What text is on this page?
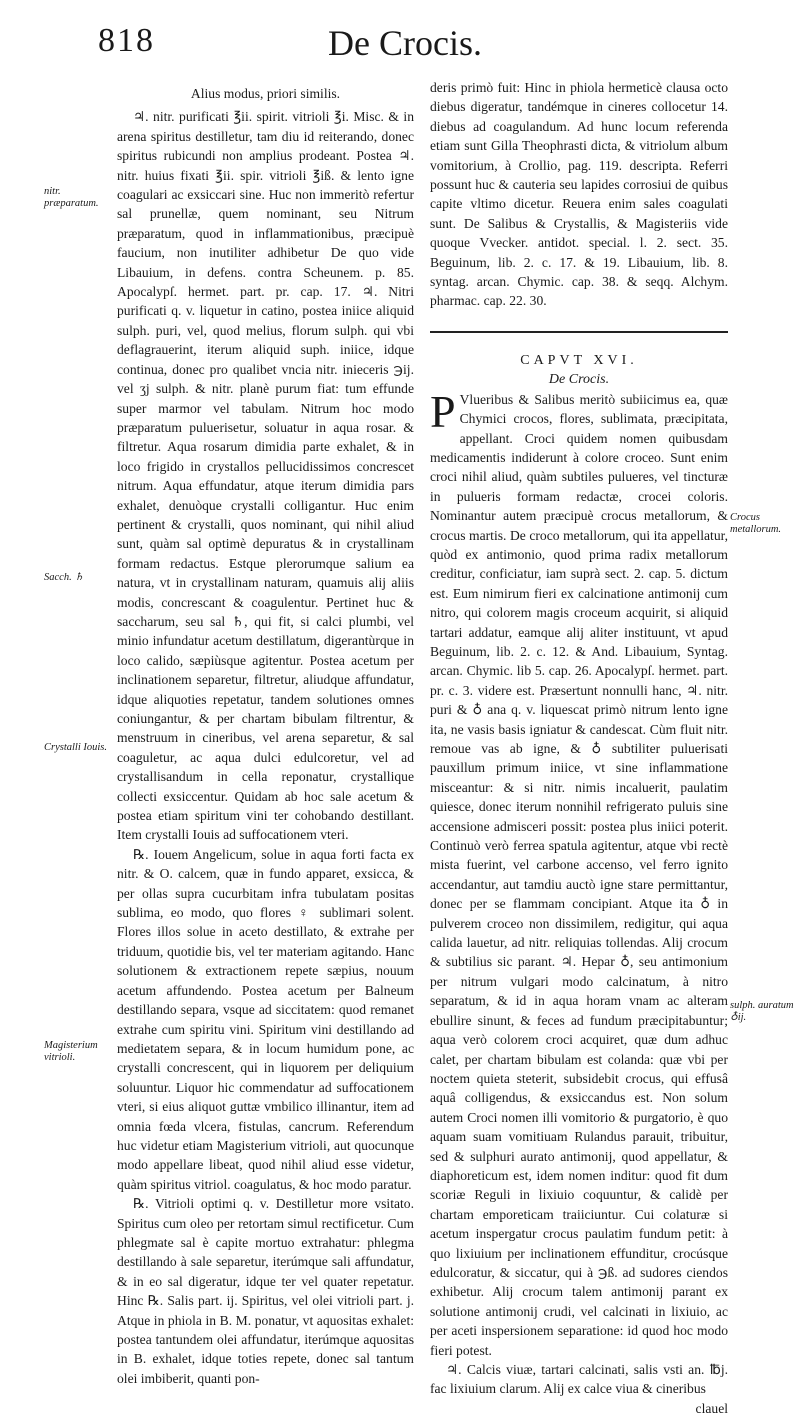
818	De Crocis.
nitr. præparatum.
Sacch. ♄
Crystalli Iouis.
Magisterium vitrioli.
Crocus metallorum.
sulph. auratum ♁ij.

Alius modus, priori similis.

♃. nitr. purificati ℥ii. spirit. vitrioli ℥i. Misc. & in arena spiritus destilletur, tam diu id reiterando, donec spiritus rubicundi non amplius prodeant. Postea ♃. nitr. huius fixati ℥ii. spir. vitrioli ℥iß. & lento igne coagulari ac exsiccari sine. Huc non immeritò refertur sal prunellæ, quem nominant, seu Nitrum præparatum, quod in inflammationibus, præcipuè faucium, non inutiliter adhibetur De quo vide Libauium, in defens. contra Scheunem. p. 85. Apocalypſ. hermet. part. pr. cap. 17. ♃. Nitri purificati q. v. liquetur in catino, postea iniice aliquid sulph. puri, vel, quod melius, florum sulph. qui vbi deflagrauerint, iterum aliquid suph. iniice, idque continua, donec pro qualibet vncia nitr. inieceris ℈ij. vel ʒj sulph. & nitr. planè purum fiat: tum effunde super marmor vel tabulam. Nitrum hoc modo præparatum puluerisetur, soluatur in aqua rosar. & filtretur. Aqua rosarum dimidia parte exhalet, & in loco frigido in crystallos pellucidissimos concrescet nitrum. Aqua effundatur, atque iterum dimidia pars exhalet, denuòque crystalli colligantur. Huc enim pertinent & crystalli, quos nominant, qui nihil aliud sunt, quàm sal optimè depuratus & in crystallinam formam redactus. Estque plerorumque salium ea natura, vt in crystallinam naturam, quamuis alij aliis modis, concrescant & coagulentur. Pertinet huc & saccharum, seu sal ♄, qui fit, si calci plumbi, vel minio infundatur acetum destillatum, digerantùrque in loco calido, sæpiùsque agitentur. Postea acetum per inclinationem separetur, filtretur, aliudque affundatur, idque aliquoties repetatur, tandem solutiones omnes coniungantur, & per chartam bibulam filtrentur, & menstruum in cineribus, vel arena separetur, & sal coaguletur, ac aqua dulci edulcoretur, vel ad crystallisandum in cella reponatur, crystallique collecti exsiccentur. Quidam ab hoc sale acetum & postea etiam spiritum vini ter cohobando destillant. Item crystalli Iouis ad suffocationem vteri.

℞. Iouem Angelicum, solue in aqua forti facta ex nitr. & O. calcem, quæ in fundo apparet, exsicca, & per ollas supra cucurbitam infra tubulatam positas sublima, eo modo, quo flores ♀ sublimari solent. Flores illos solue in aceto destillato, & extrahe per triduum, quotidie bis, vel ter materiam agitando. Hanc solutionem & extractionem repete sæpius, nouum acetum affundendo. Postea acetum per Balneum destillando separa, vsque ad siccitatem: quod remanet extrahe cum spiritu vini. Spiritum vini destillando ad medietatem separa, & in locum humidum pone, ac crystalli concrescent, qui in liquorem per deliquium soluuntur. Liquor hic commendatur ad suffocationem vteri, si eius aliquot guttæ vmbilico illinantur, item ad omnia fœda vlcera, fistulas, cancrum. Referendum huc videtur etiam Magisterium vitrioli, aut quocunque modo appellare libeat, quod nihil aliud esse videtur, quàm spiritus vitriol. coagulatus, & hoc modo paratur.

℞. Vitrioli optimi q. v. Destilletur more vsitato. Spiritus cum oleo per retortam simul rectificetur. Cum phlegmate sal è capite mortuo extrahatur: phlegma destillando à sale separetur, iterúmque sali affundatur, & in eo sal digeratur, idque ter vel quater repetatur. Hinc ℞. Salis part. ij. Spiritus, vel olei vitrioli part. j. Atque in phiola in B. M. ponatur, vt aquositas exhalet: postea tantundem olei affundatur, iterúmque aquositas in B. exhalet, idque toties repete, donec sal tantum olei imbiberit, quanti pon-

deris primò fuit: Hinc in phiola hermeticè clausa octo diebus digeratur, tandémque in cineres collocetur 14. diebus ad coagulandum. Ad hunc locum referenda etiam sunt Gilla Theophrasti dicta, & vitriolum album vomitorium, à Crollio, pag. 119. descripta. Referri possunt huc & cauteria seu lapides corrosiui de quibus capite vltimo dicetur. Reuera enim sales coagulati sunt. De Salibus & Crystallis, & Magisteriis vide quoque Vvecker. antidot. special. l. 2. sect. 35. Beguinum, lib. 2. c. 17. & 19. Libauium, lib. 8. syntag. arcan. Chymic. cap. 38. & seqq. Alchym. pharmac. cap. 22. 30.

CAPVT XVI.

De Crocis.

P Vlueribus & Salibus meritò subiicimus ea, quæ Chymici crocos, flores, sublimata, præcipitata, appellant. Croci quidem nomen quibusdam medicamentis indiderunt à colore croceo. Sunt enim croci nihil aliud, quàm subtiles pulueres, vel tincturæ in pulueris formam redactæ, crocei coloris. Nominantur autem præcipuè crocus metallorum, & crocus martis. De croco metallorum, qui ita appellatur, quòd ex antimonio, quod prima radix metallorum creditur, conficiatur, iam suprà sect. 2. cap. 5. dictum est. Eum nimirum fieri ex calcinatione antimonij cum nitro, qui colorem magis croceum acquirit, si aliquid tartari addatur, eamque alij aliter instituunt, vt apud Beguinum, lib. 2. c. 12. & And. Libauium, Syntag. arcan. Chymic. lib 5. cap. 26. Apocalypſ. hermet. part. pr. c. 3. videre est. Præsertunt nonnulli hanc, ♃. nitr. puri & ♁ ana q. v. liquescat primò nitrum lento igne ita, ne vasis basis igniatur & candescat. Cùm fluit nitr. remoue vas ab igne, & ♁ subtiliter puluerisati pauxillum primum iniice, vt sine inflammatione misceantur: & si nitr. nimis incaluerit, paulatim quiesce, donec iterum nonnihil refrigerato puluis sine accensione admisceri possit: postea plus iniici poterit. Continuò verò ferrea spatula agitentur, atque vbi rectè mista fuerint, vel carbone accenso, vel ferro ignito accendantur, aut tamdiu auctò igne stare permittantur, donec per se flammam concipiant. Atque ita ♁ in pulverem croceo non dissimilem, redigitur, qui aqua calida lauetur, ad nitr. reliquias tollendas. Alij crocum & subtilius sic parant. ♃. Hepar ♁, seu antimonium per nitrum vulgari modo calcinatum, à nitro separatum, & id in aqua horam vnam ac alteram ebullire sinunt, & feces ad fundum præcipitabuntur; aqua verò colorem croci acquiret, quæ dum adhuc calet, per chartam bibulam est colanda: quæ vbi per noctem quieta steterit, subsidebit crocus, qui effusâ aquâ colligendus, & exsiccandus est. Non solum autem Croci nomen illi vomitorio & purgatorio, è quo aquam suam vomitiuam Rulandus parauit, tribuitur, sed & sulphuri aurato antimonij, quod appellatur, & diaphoreticum est, idem nomen inditur: quod fit dum scoriæ Reguli in lixiuio coquuntur, & calidè per chartam emporeticam traiiciuntur. Cui colaturæ si acetum inspergatur crocus paulatim fundum petit: à quo lixiuium per inclinationem effunditur, crocúsque edulcoratur, & siccatur, qui à ℈ß. ad sudores ciendos exhibetur. Alij crocum talem antimonij parant ex solutione antimonij crudi, vel calcinati in lixiuio, ac per aceti inspersionem separatione: id quod hoc modo fieri potest.

♃. Calcis viuæ, tartari calcinati, salis vsti an. ℔j. fac lixiuium clarum. Alij ex calce viua & cineribus

clauel
